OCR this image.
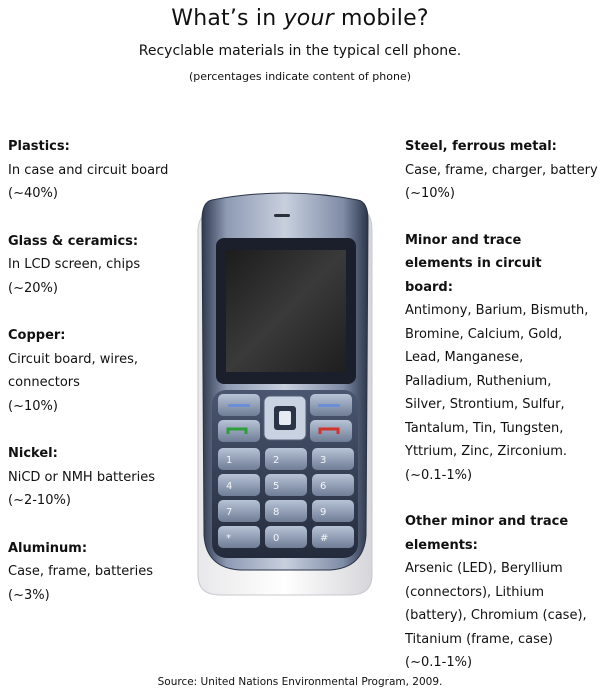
What’s in your mobile?
Recyclable materials in the typical cell phone.
(percentages indicate content of phone)
Plastics:
In case and circuit board
(~40%)
Glass & ceramics:
In LCD screen, chips
(~20%)
Copper:
Circuit board, wires, connectors
(~10%)
Nickel:
NiCD or NMH batteries
(~2-10%)
Aluminum:
Case, frame, batteries
(~3%)
Steel, ferrous metal:
Case, frame, charger, battery
(~10%)
Minor and trace elements in circuit board:
Antimony, Barium, Bismuth, Bromine, Calcium, Gold, Lead, Manganese, Palladium, Ruthenium, Silver, Strontium, Sulfur, Tantalum, Tin, Tungsten, Yttrium, Zinc, Zirconium.
(~0.1-1%)
Other minor and trace elements:
Arsenic (LED), Beryllium (connectors), Lithium (battery), Chromium (case), Titanium (frame, case)
(~0.1-1%)
1	2	3
4	5	6
7	8	9
*	0	#
Source: United Nations Environmental Program, 2009.
